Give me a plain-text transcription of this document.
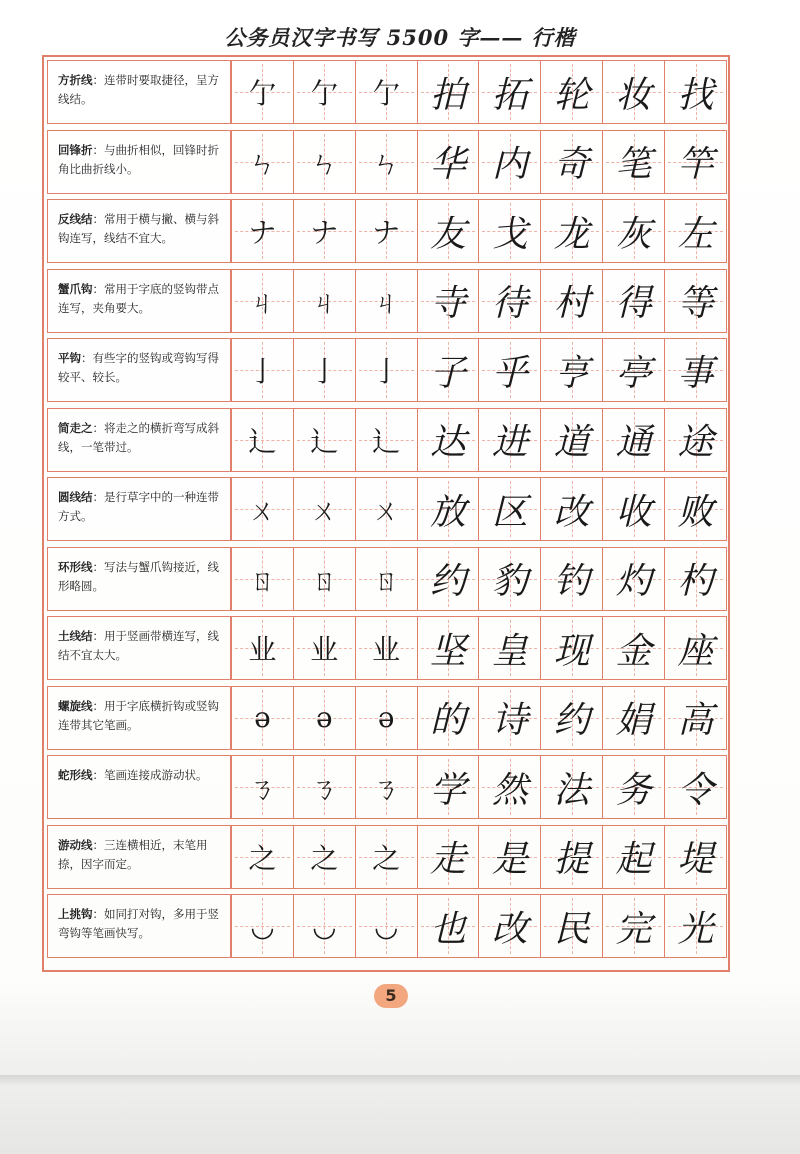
公务员汉字书写 5500 字—— 行楷
方折线：连带时要取捷径，呈方线结。	亇 亇 亇 拍 拓 轮 妆 找
回锋折：与曲折相似，回锋时折角比曲折线小。	ㄣ ㄣ ㄣ 华 内 奇 笔 竿
反线结：常用于横与撇、横与斜钩连写，线结不宜大。	ナ ナ ナ 友 戈 龙 灰 左
蟹爪钩：常用于字底的竖钩带点连写，夹角要大。	ㄐ ㄐ ㄐ 寺 待 村 得 等
平钩：有些字的竖钩或弯钩写得较平、较长。	亅 亅 亅 子 乎 亨 亭 事
简走之：将走之的横折弯写成斜线，一笔带过。	辶 辶 辶 达 进 道 通 途
圆线结：是行草字中的一种连带方式。	ㄨ ㄨ ㄨ 放 区 改 收 败
环形线：写法与蟹爪钩接近，线形略圆。	ㄖ ㄖ ㄖ 约 豹 钓 灼 杓
土线结：用于竖画带横连写，线结不宜太大。	业 业 业 坚 皇 现 金 座
螺旋线：用于字底横折钩或竖钩连带其它笔画。	ə ə ə 的 诗 约 娟 高
蛇形线：笔画连接成游动状。	ㄋ ㄋ ㄋ 学 然 法 务 令
游动线：三连横相近，末笔用捺，因字而定。	之 之 之 走 是 提 起 堤
上挑钩：如同打对钩，多用于竖弯钩等笔画快写。	◡ ◡ ◡ 也 改 民 完 光
5
